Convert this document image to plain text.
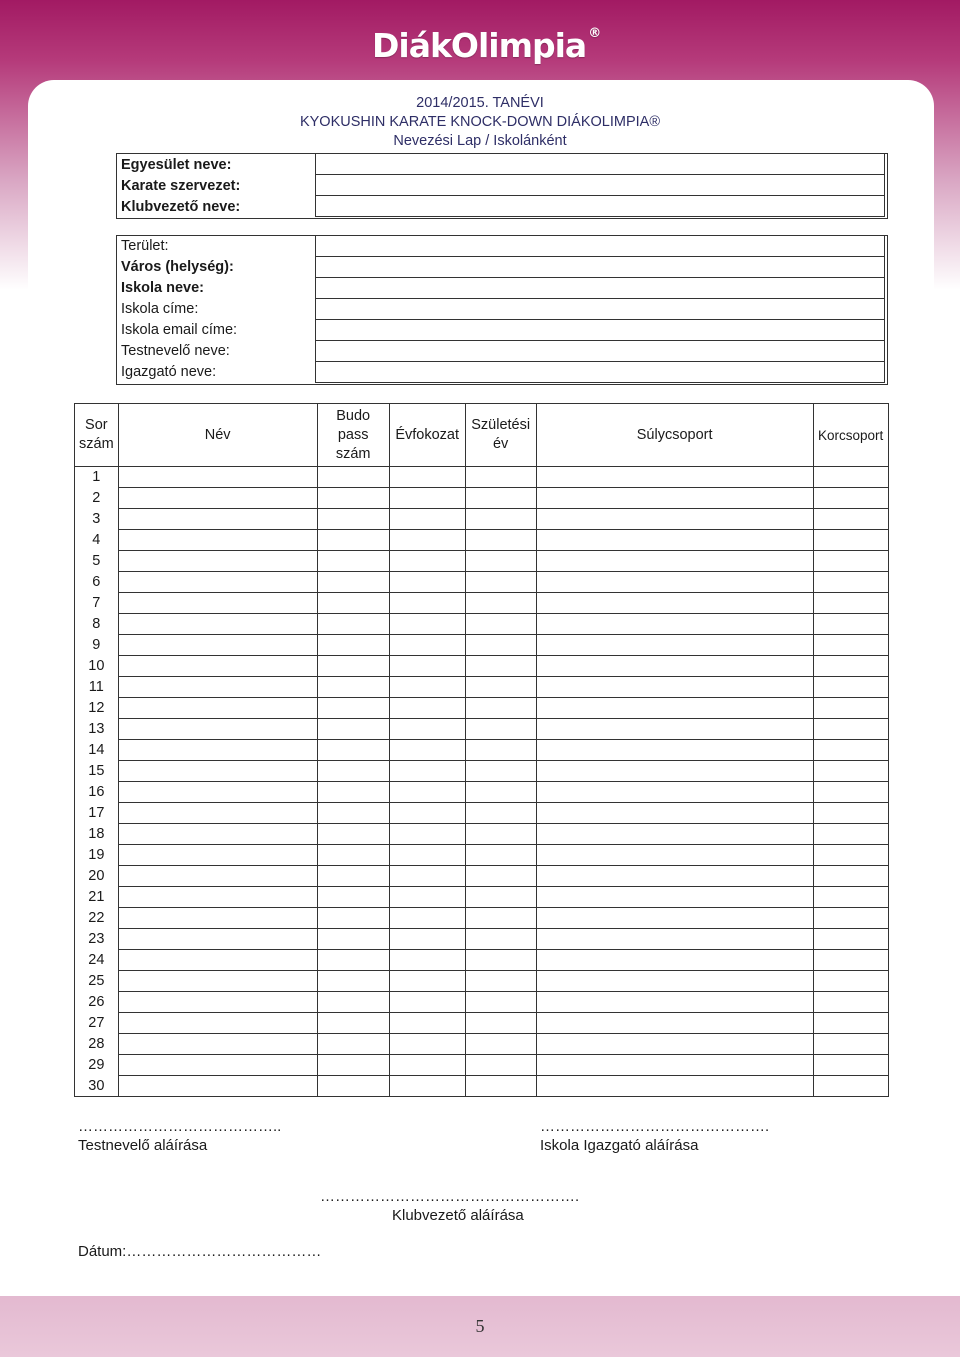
DiákOlimpia ®
2014/2015. TANÉVI
KYOKUSHIN KARATE KNOCK-DOWN DIÁKOLIMPIA®
Nevezési Lap / Iskolánként
Egyesület neve:
Karate szervezet:
Klubvezető neve:

Terület:
Város (helység):
Iskola neve:
Iskola címe:
Iskola email címe:
Testnevelő neve:
Igazgató neve:

Sor szám	Név	Budo pass szám	Évfokozat	Születési év	Súlycsoport	Korcsoport
1						
2						
3						
4						
5						
6						
7						
8						
9						
10						
11						
12						
13						
14						
15						
16						
17						
18						
19						
20						
21						
22						
23						
24						
25						
26						
27						
28						
29						
30						
…………………………………..
Testnevelő aláírása
……………………………………….
Iskola Igazgató aláírása
…………………………………………….
Klubvezető aláírása
Dátum:…………………………………
5
